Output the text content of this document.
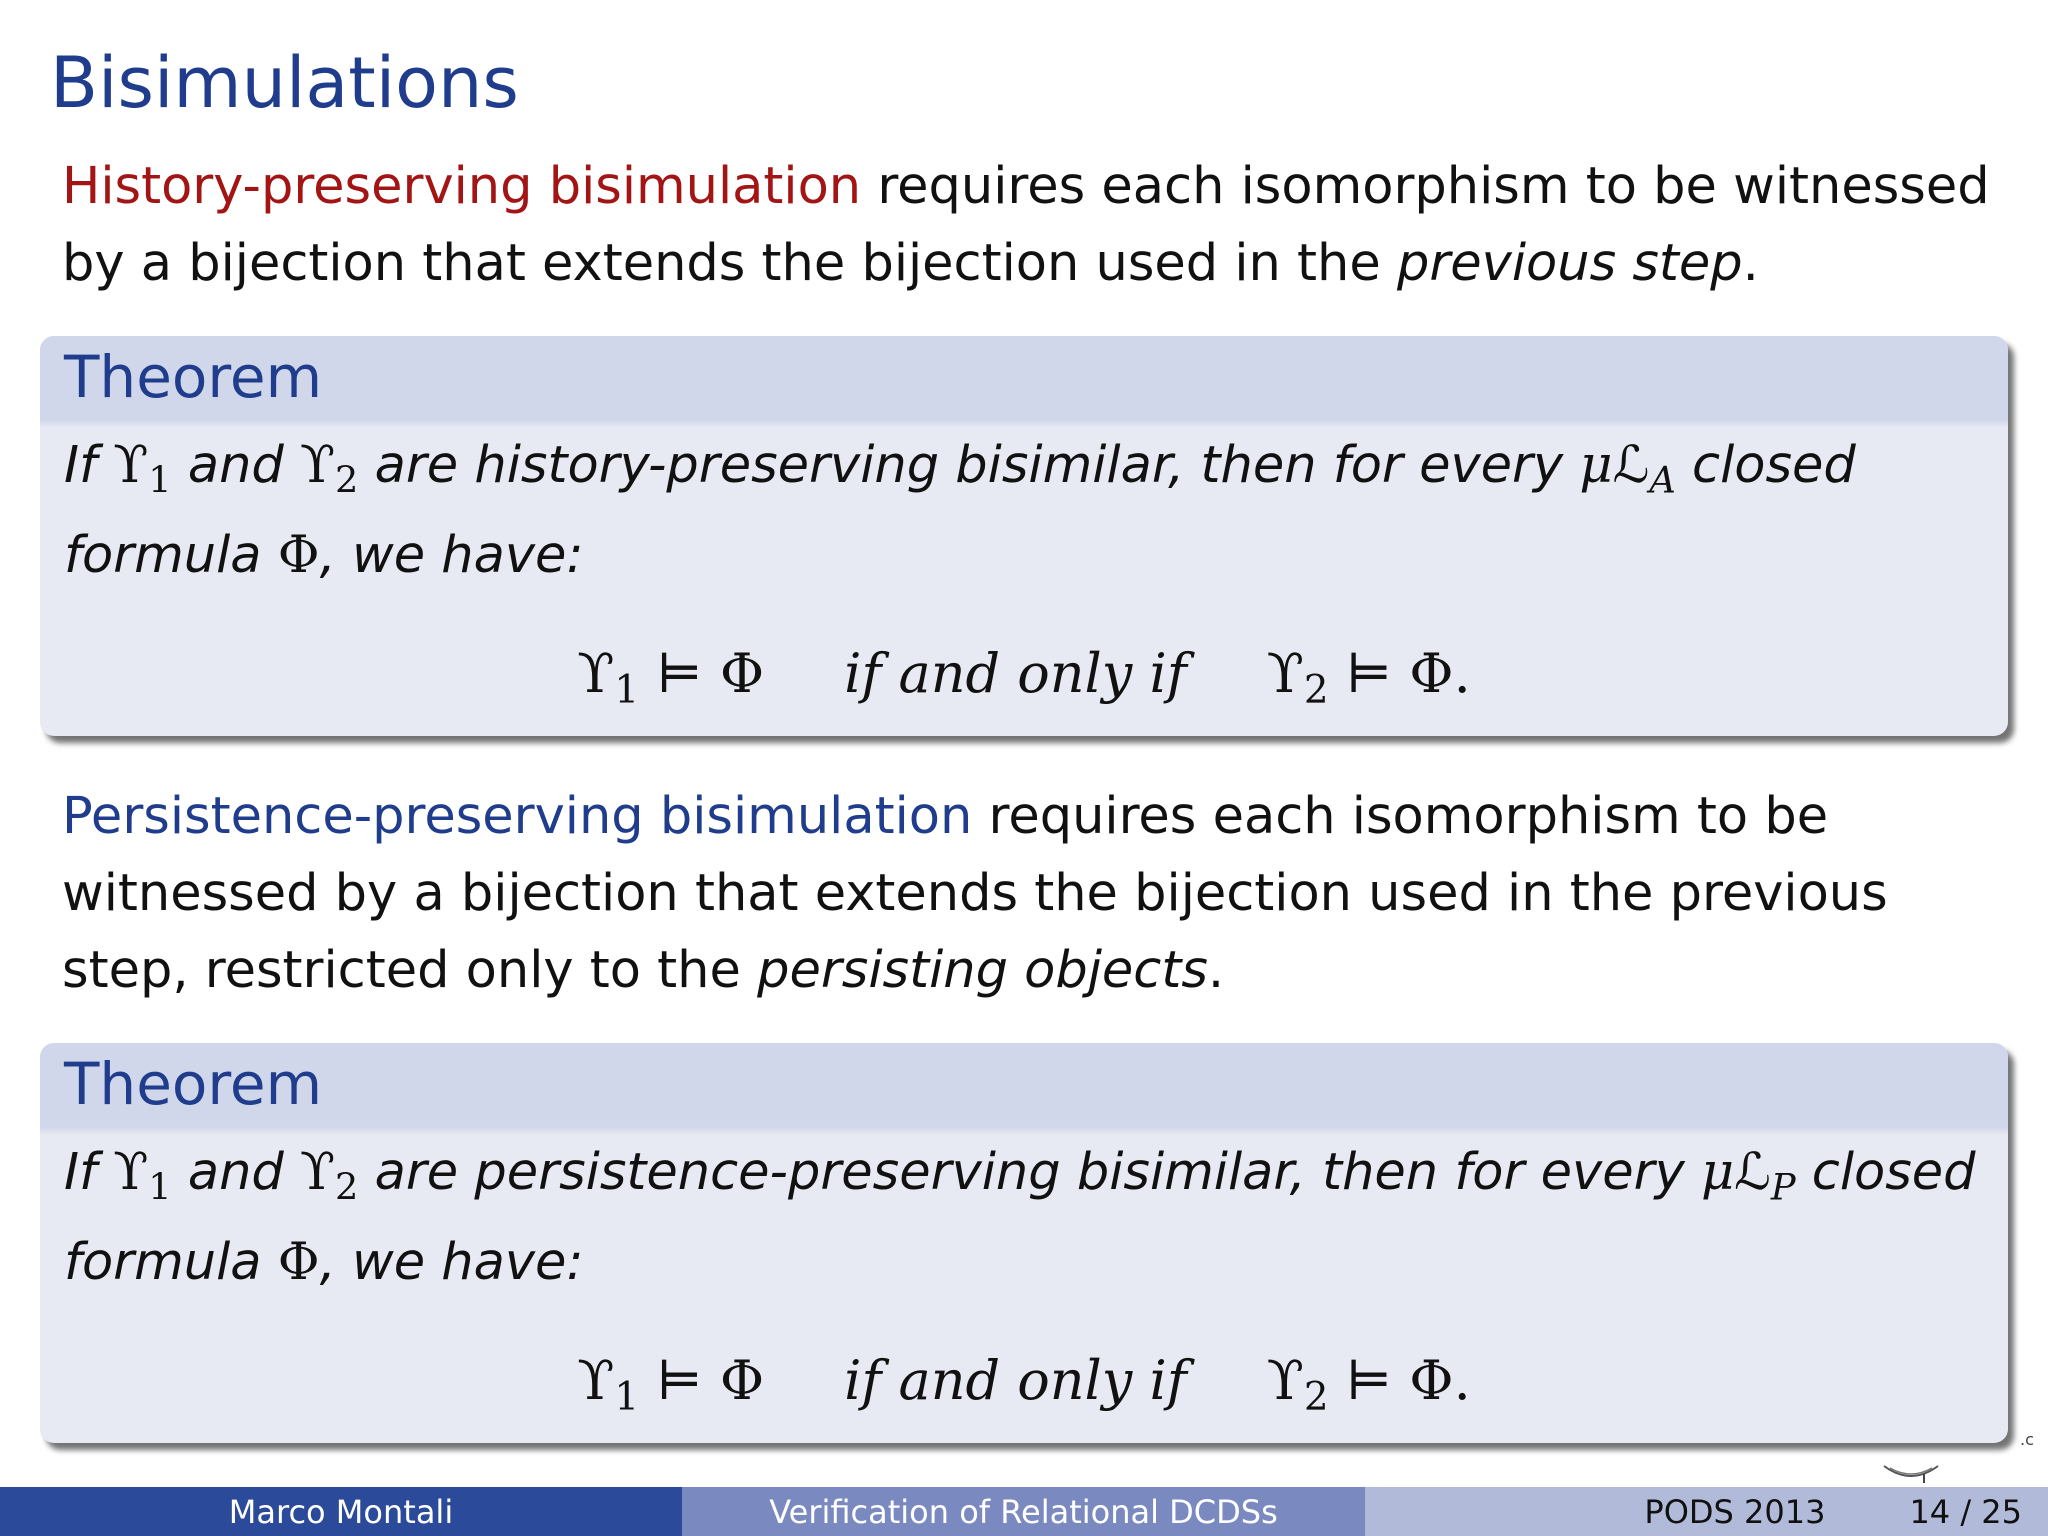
Bisimulations
History-preserving bisimulation requires each isomorphism to be witnessed by a bijection that extends the bijection used in the previous step.
Theorem
If $ϒ_1$ and $ϒ_2$ are history-preserving bisimilar, then for every μℒ$_A$ closed formula Φ, we have:
$ϒ_1$ ⊨ Φ if and only if $ϒ_2$ ⊨ Φ.
Persistence-preserving bisimulation requires each isomorphism to be witnessed by a bijection that extends the bijection used in the previous step, restricted only to the persisting objects.
Theorem
If $ϒ_1$ and $ϒ_2$ are persistence-preserving bisimilar, then for every μℒ$_P$ closed formula Φ, we have:
$ϒ_1$ ⊨ Φ if and only if $ϒ_2$ ⊨ Φ.
.c
Marco Montali	Verification of Relational DCDSs	PODS 2013	14 / 25
